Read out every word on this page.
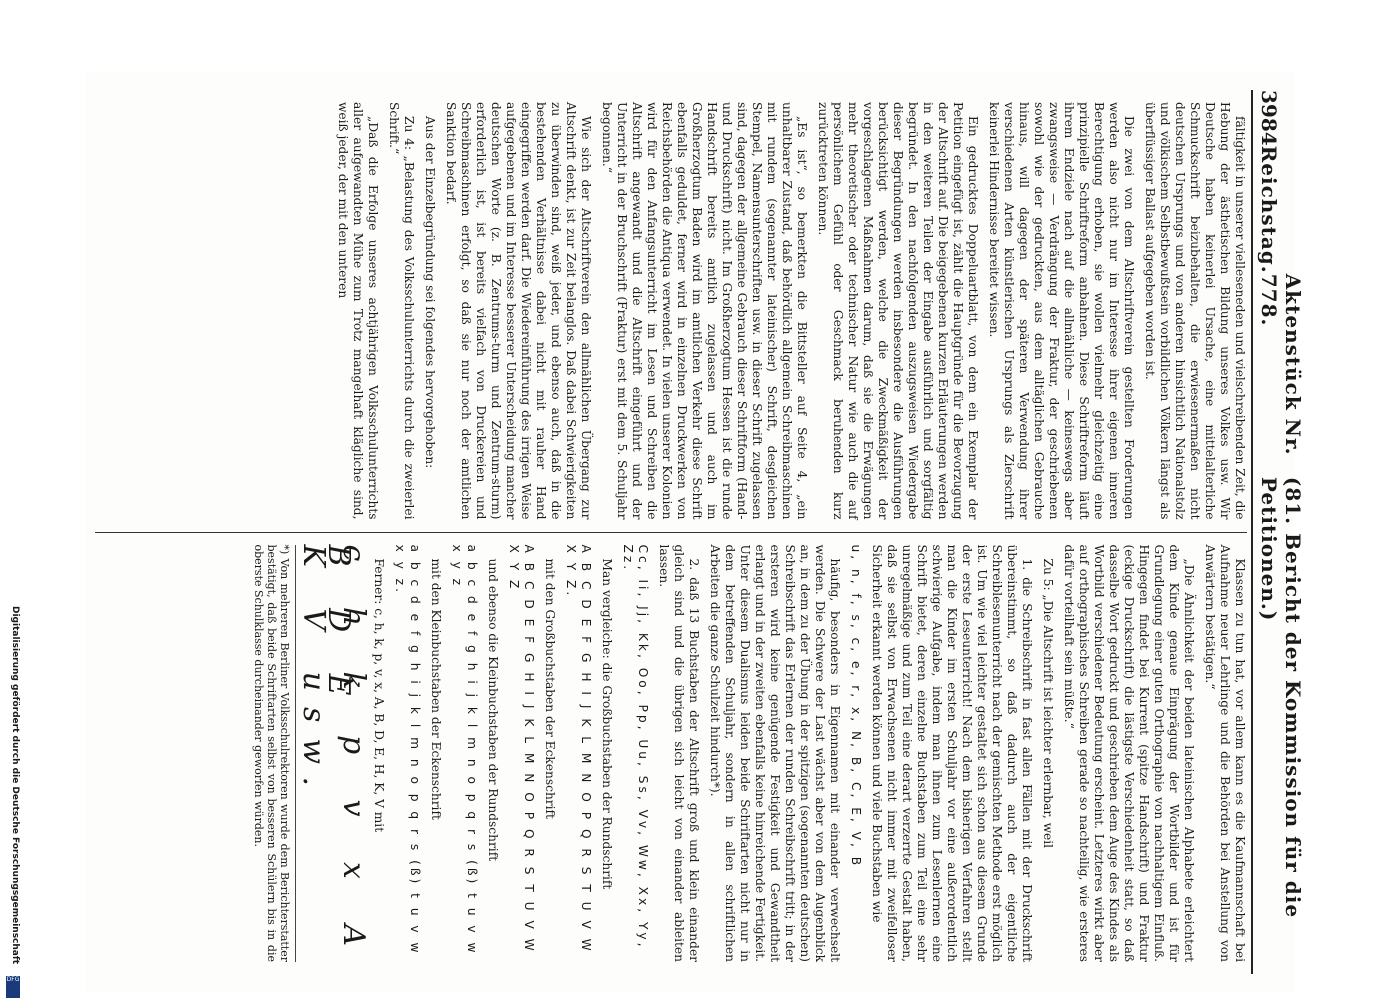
3984
Reichstag.
Aktenstück Nr. 778.
(81. Bericht der Kommission für die Petitionen.)

fältigkeit in unserer vielleseneden und vielschreibenden Zeit, die Hebung der ästhetischen Bildung unseres Volkes usw. Wir Deutsche haben keinerlei Ursache, eine mittelalterliche Schmuckschrift beizubehalten, die erwiesenermaßen nicht deutschen Ursprungs und von anderen hinsichtlich Nationalstolz und völkischem Selbstbewußtsein vorbildlichen Völkern längst als überflüssiger Ballast aufgegeben worden ist.

Die zwei von dem Altschriftverein gestellten Forderungen werden also nicht nur im Interesse ihrer eigenen inneren Berechtigung erhoben, sie wollen vielmehr gleichzeitig eine prinzipielle Schriftreform anbahnen. Diese Schriftreform läuft ihrem Endziele nach auf die allmähliche — keineswegs aber zwangsweise — Verdrängung der Fraktur, der geschriebenen sowohl wie der gedruckten, aus dem alltäglichen Gebrauche hinaus, will dagegen der späteren Verwendung ihrer verschiedenen Arten künstlerischen Ursprungs als Zierschrift keinerlei Hindernisse bereitet wissen.

Ein gedrucktes Doppeluartblatt, von dem ein Exemplar der Petition eingefügt ist, zählt die Hauptgründe für die Bevorzugung der Altschrift auf. Die beigegebenen kurzen Erläuterungen werden in den weiteren Teilen der Eingabe ausführlich und sorgfältig begründet. In den nachfolgenden auszugsweisen Wiedergabe dieser Begründungen werden insbesondere die Ausführungen berücksichtigt werden, welche die Zweckmäßigkeit der vorgeschlagenen Maßnahmen darum, daß sie die Erwägungen mehr theoretischer oder technischer Natur wie auch die auf persönlichem Gefühl oder Geschmack beruhenden kurz zurücktreten können.

„Es ist“, so bemerkten die Bittsteller auf Seite 4, „ein unhaltbarer Zustand, daß behördlich allgemein Schreibmaschinen mit rundem (sogenannter lateinischer) Schrift, desgleichen Stempel, Namensunterschriften usw. in dieser Schrift zugelassen sind, dagegen der allgemeine Gebrauch dieser Schriftform (Hand- und Druckschrift) nicht. Im Großherzogtum Hessen ist die runde Handschrift bereits amtlich zugelassen und auch im Großherzogtum Baden wird im amtlichen Verkehr diese Schrift ebenfalls geduldet, ferner wird in einzelnen Druckwerken von Reichsbehörden die Antiqua verwendet. In vielen unserer Kolonien wird für den Anfangsunterricht im Lesen und Schreiben die Altschrift angewandt und die Altschrift eingeführt und der Unterricht in der Bruchschrift (Fraktur) erst mit dem 5. Schuljahr begonnen.“

Wie sich der Altschriftverein den allmählichen Übergang zur Altschrift denkt, ist zur Zeit belanglos. Daß dabei Schwierigkeiten zu überwinden sind, weiß jeder, und ebenso auch, daß in die bestehenden Verhältnisse dabei nicht mit rauher Hand eingegriffen werden darf. Die Wiedereinführung des irrigen Weise aufgegebenen und im Interesse besserer Unterscheidung mancher deutschen Worte (z. B. Zentrums-turm und Zentrum-sturm) erforderlich ist, ist bereits vielfach von Druckereien und Schreibmaschinen erfolgt, so daß sie nur noch der amtlichen Sanktion bedarf.

Aus der Einzelbegründung sei folgendes hervorgehoben:

Zu 4: „Belastung des Volksschulunterrichts durch die zweierlei Schrift.“

„Daß die Erfolge unseres achtjährigen Volksschulunterrichts aller aufgewandten Mühe zum Trotz mangelhaft klägliche sind, weiß jeder, der mit den unteren

Klassen zu tun hat, vor allem kann es die Kaufmannschaft bei Aufnahme neuer Lehrlinge und die Behörden bei Anstellung von Anwärtern bestätigen.“

„Die Ähnlichkeit der beiden lateinischen Alphabete erleichtert dem Kinde genaue Einprägung der Wortbilder und ist für Grundlegung einer guten Orthographie von nachhaltigem Einfluß. Hingegen findet bei Kurrent (spitze Handschrift) und Fraktur (eckige Druckschrift) die lästigste Verschiedenheit statt, so daß dasselbe Wort gedruckt und geschrieben dem Auge des Kindes als Wortbild verschiedener Bedeutung erscheint. Letzteres wirkt aber auf orthographisches Schreiben gerade so nachteilig, wie ersteres dafür vorteilhaft sein müßte.“

Zu 5: „Die Altschrift ist leichter erlernbar, weil

1. die Schreibschrift in fast allen Fällen mit der Druckschrift übereinstimmt, so daß dadurch auch der eigentliche Schreiblesenunterricht nach der gemischten Methode erst möglich ist. Um wie viel leichter gestaltet sich schon aus diesem Grunde der erste Leseunterricht! Nach dem bisherigen Verfahren stellt man die Kinder im ersten Schuljahr vor eine außerordentlich schwierige Aufgabe, indem man ihnen zum Lesenlernen eine Schrift bietet, deren einzelne Buchstaben zum Teil eine sehr unregelmäßige und zum Teil eine derart verzerrte Gestalt haben, daß sie selbst von Erwachsenen nicht immer mit zweifelloser Sicherheit erkannt werden können und viele Buchstaben wie

u, n, f, s, c, e, r, x, N, B, C, E, V, B

häufig, besonders in Eigennamen mit einander verwechselt werden. Die Schwere der Last wächst aber von dem Augenblick an, in dem zu der Übung in der spitzigen (sogenannten deutschen) Schreibschrift das Erlernen der runden Schreibschrift tritt; in der ersteren wird keine genügende Festigkeit und Gewandtheit erlangt und in der zweiten ebenfalls keine hinreichende Fertigkeit. Unter diesem Dualismus leiden beide Schriftarten nicht nur in dem betreffenden Schuljahr, sondern in allen schriftlichen Arbeiten die ganze Schulzeit hindurch*).

2. daß 13 Buchstaben der Altschrift groß und klein einander gleich sind und die übrigen sich leicht von einander ableiten lassen.

Cc, Ii, Jj, Kk, Oo, Pp, Uu, Ss, Vv, Ww, Xx, Yy, Zz.

Man vergleiche: die Großbuchstaben der Rundschrift

A B C D E F G H I J K L M N O P Q R S T U V W X Y Z.

mit den Großbuchstaben der Eckenschrift

A B C D E F G H I J K L M N O P Q R S T U V W X Y Z

und ebenso die Kleinbuchstaben der Rundschrift

a b c d e f g h i j k l m n o p q r s (ß) t u v w x y z

mit den Kleinbuchstaben der Eckenschrift

a b c d e f g h i j k l m n o p q r s (ß) t u v w x y z.

Ferner: c, h, k, p, v, x, A, B, D, E, H, K, V mit

c h k p v x A B D E

K V usw.

*) Von mehreren Berliner Volksschulrektoren wurde dem Berichterstatter bestätigt, daß beide Schriftarten selbst von besseren Schülern bis in die oberste Schulklasse durcheinander geworfen würden.
Digitalisierung gefördert durch die Deutsche Forschungsgemeinschaft
DFG
